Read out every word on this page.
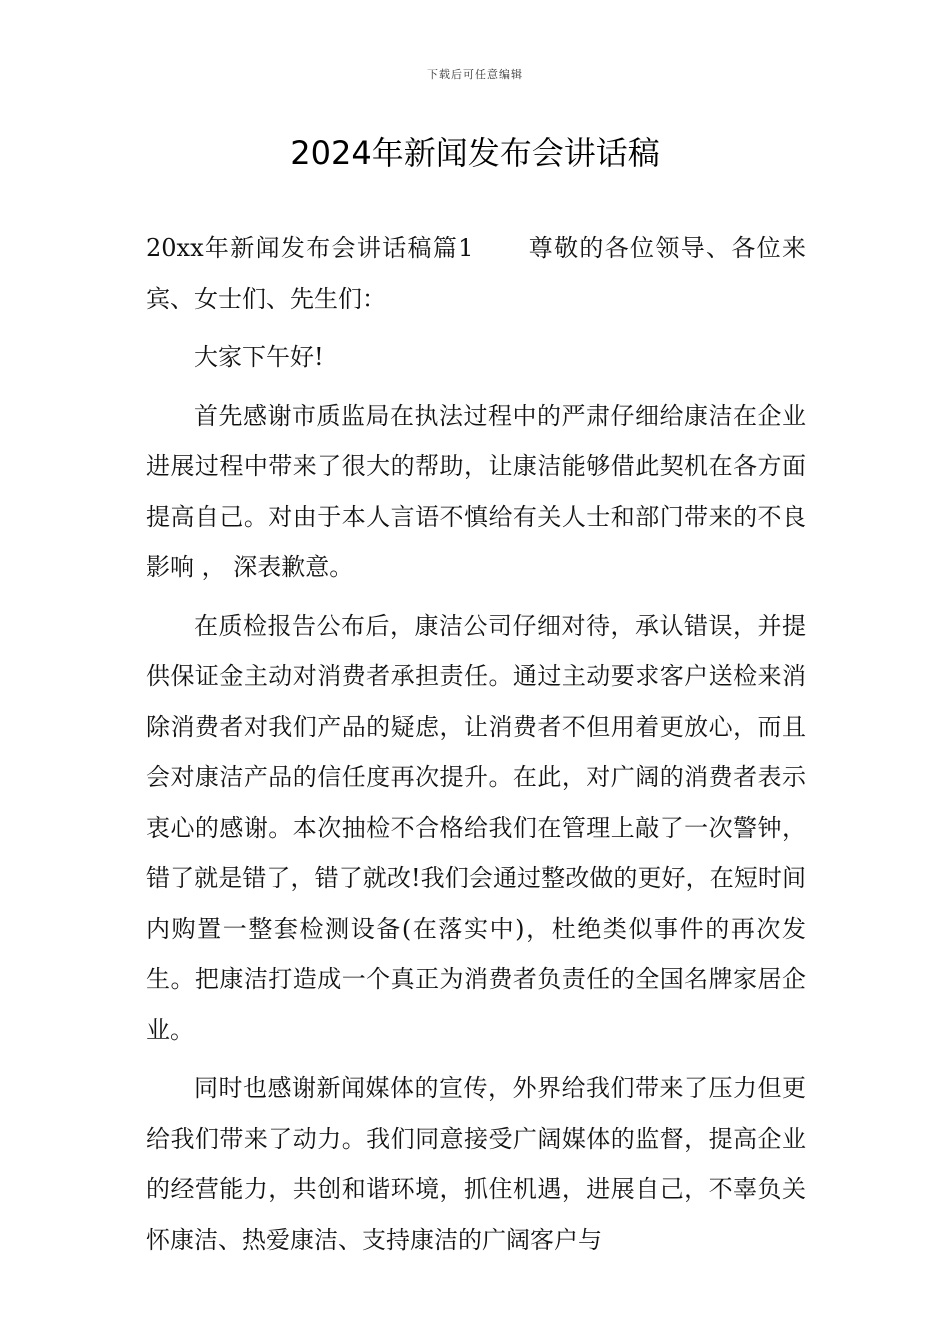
下载后可任意编辑
2024年新闻发布会讲话稿

20xx年新闻发布会讲话稿篇1 尊敬的各位领导、各位来宾、女士们、先生们：

大家下午好!

首先感谢市质监局在执法过程中的严肃仔细给康洁在企业进展过程中带来了很大的帮助，让康洁能够借此契机在各方面提高自己。对由于本人言语不慎给有关人士和部门带来的不良影响 ， 深表歉意。

在质检报告公布后，康洁公司仔细对待，承认错误，并提供保证金主动对消费者承担责任。通过主动要求客户送检来消除消费者对我们产品的疑虑，让消费者不但用着更放心，而且会对康洁产品的信任度再次提升。在此，对广阔的消费者表示衷心的感谢。本次抽检不合格给我们在管理上敲了一次警钟，错了就是错了，错了就改!我们会通过整改做的更好，在短时间内购置一整套检测设备(在落实中)，杜绝类似事件的再次发生。把康洁打造成一个真正为消费者负责任的全国名牌家居企业。

同时也感谢新闻媒体的宣传，外界给我们带来了压力但更给我们带来了动力。我们同意接受广阔媒体的监督，提高企业的经营能力，共创和谐环境，抓住机遇，进展自己，不辜负关怀康洁、热爱康洁、支持康洁的广阔客户与
